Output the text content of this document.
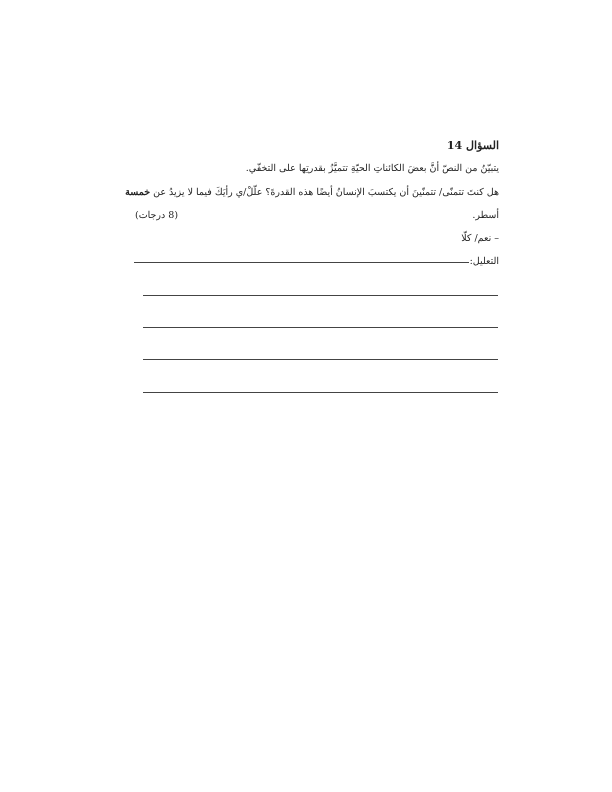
السؤال 14
يتبيّنُ من النصّ أنَّ بعضَ الكائناتِ الحيّةِ تتميَّزُ بقدرتِها على التخفّي.
هل كنتَ تتمنّى/ تتمنّينَ أن يكتسبَ الإنسانُ أيضًا هذه القدرةَ؟ علّلْ/ي رأيَكَ فيما لا يزيدُ عن خمسة
أسطر.
(8 درجات)
– نعم/ كلّا
التعليل:
